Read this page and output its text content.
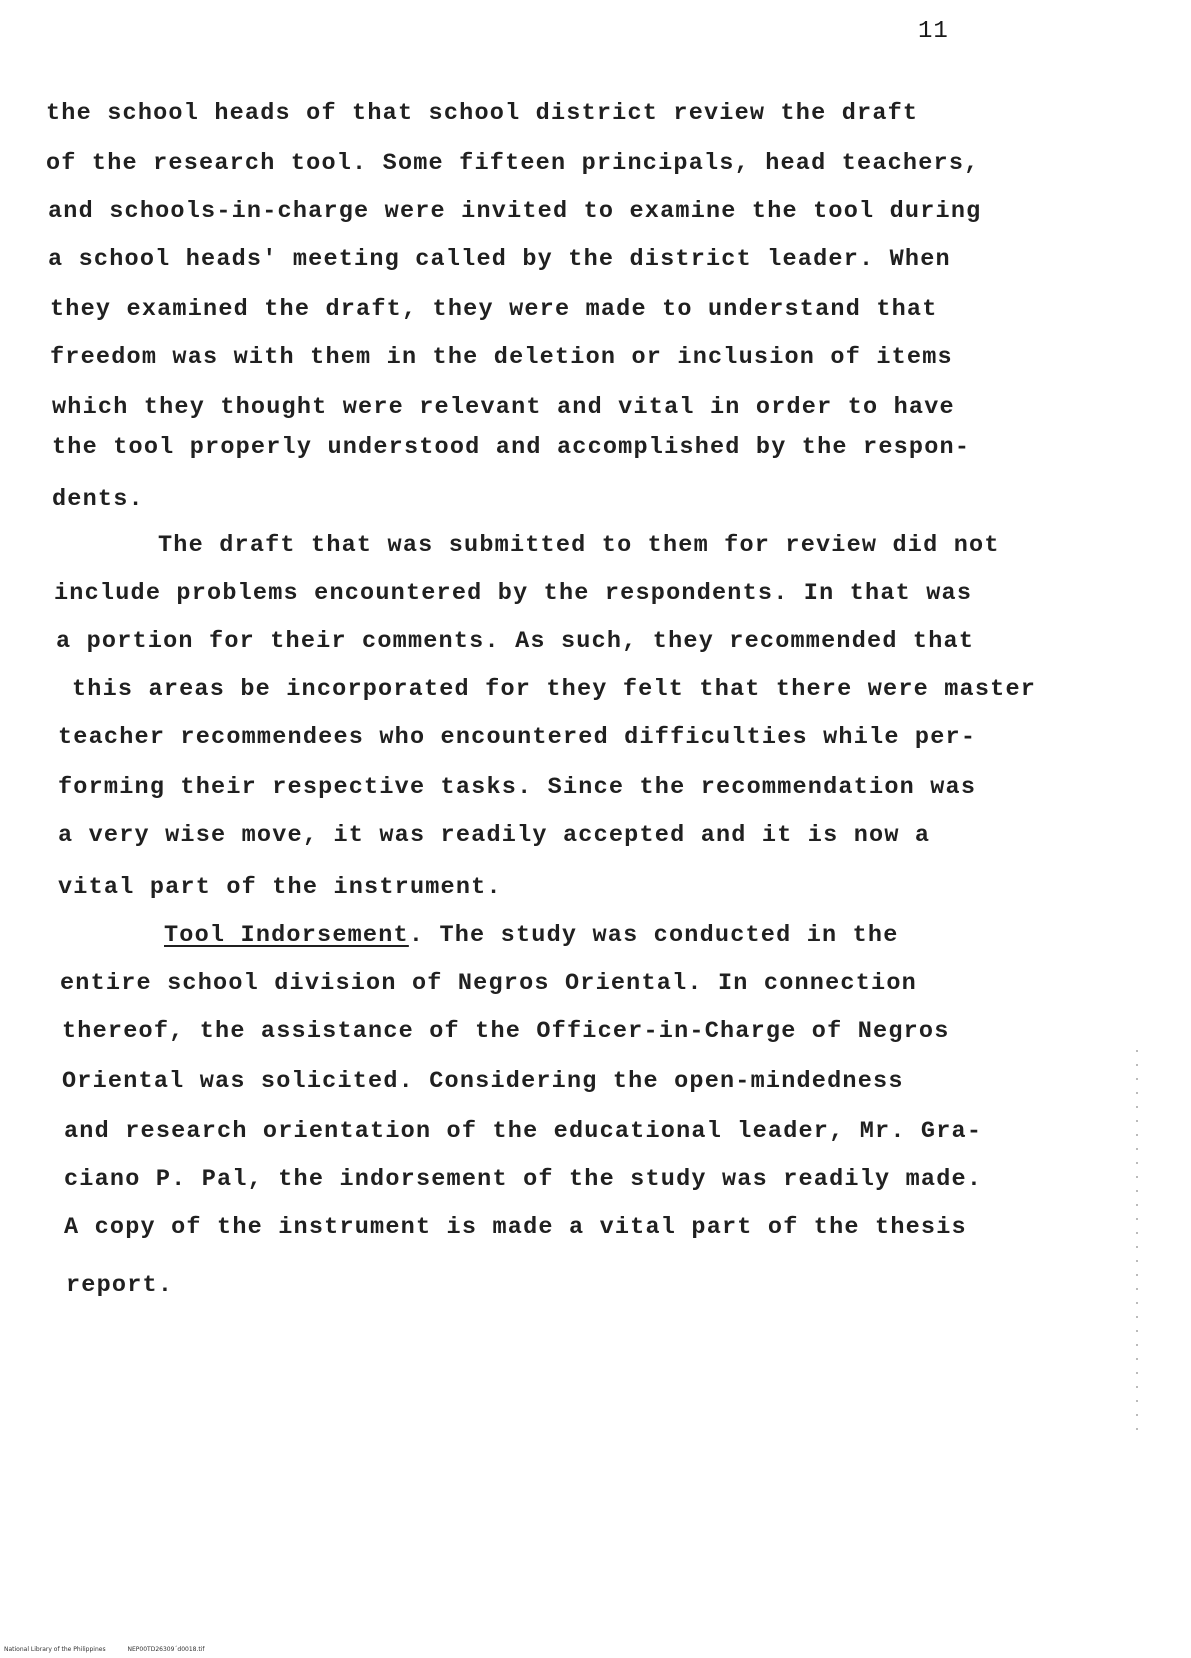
11
the school heads of that school district review the draft
of the research tool. Some fifteen principals, head teachers,
and schools-in-charge were invited to examine the tool during
a school heads' meeting called by the district leader. When
they examined the draft, they were made to understand that
freedom was with them in the deletion or inclusion of items
which they thought were relevant and vital in order to have
the tool properly understood and accomplished by the respon-
dents.
The draft that was submitted to them for review did not
include problems encountered by the respondents. In that was
a portion for their comments. As such, they recommended that
this areas be incorporated for they felt that there were master
teacher recommendees who encountered difficulties while per-
forming their respective tasks. Since the recommendation was
a very wise move, it was readily accepted and it is now a
vital part of the instrument.
Tool Indorsement. The study was conducted in the
entire school division of Negros Oriental. In connection
thereof, the assistance of the Officer-in-Charge of Negros
Oriental was solicited. Considering the open-mindedness
and research orientation of the educational leader, Mr. Gra-
ciano P. Pal, the indorsement of the study was readily made.
A copy of the instrument is made a vital part of the thesis
report.
National Library of the Philippines	NEP00TD26309´d0018.tif
